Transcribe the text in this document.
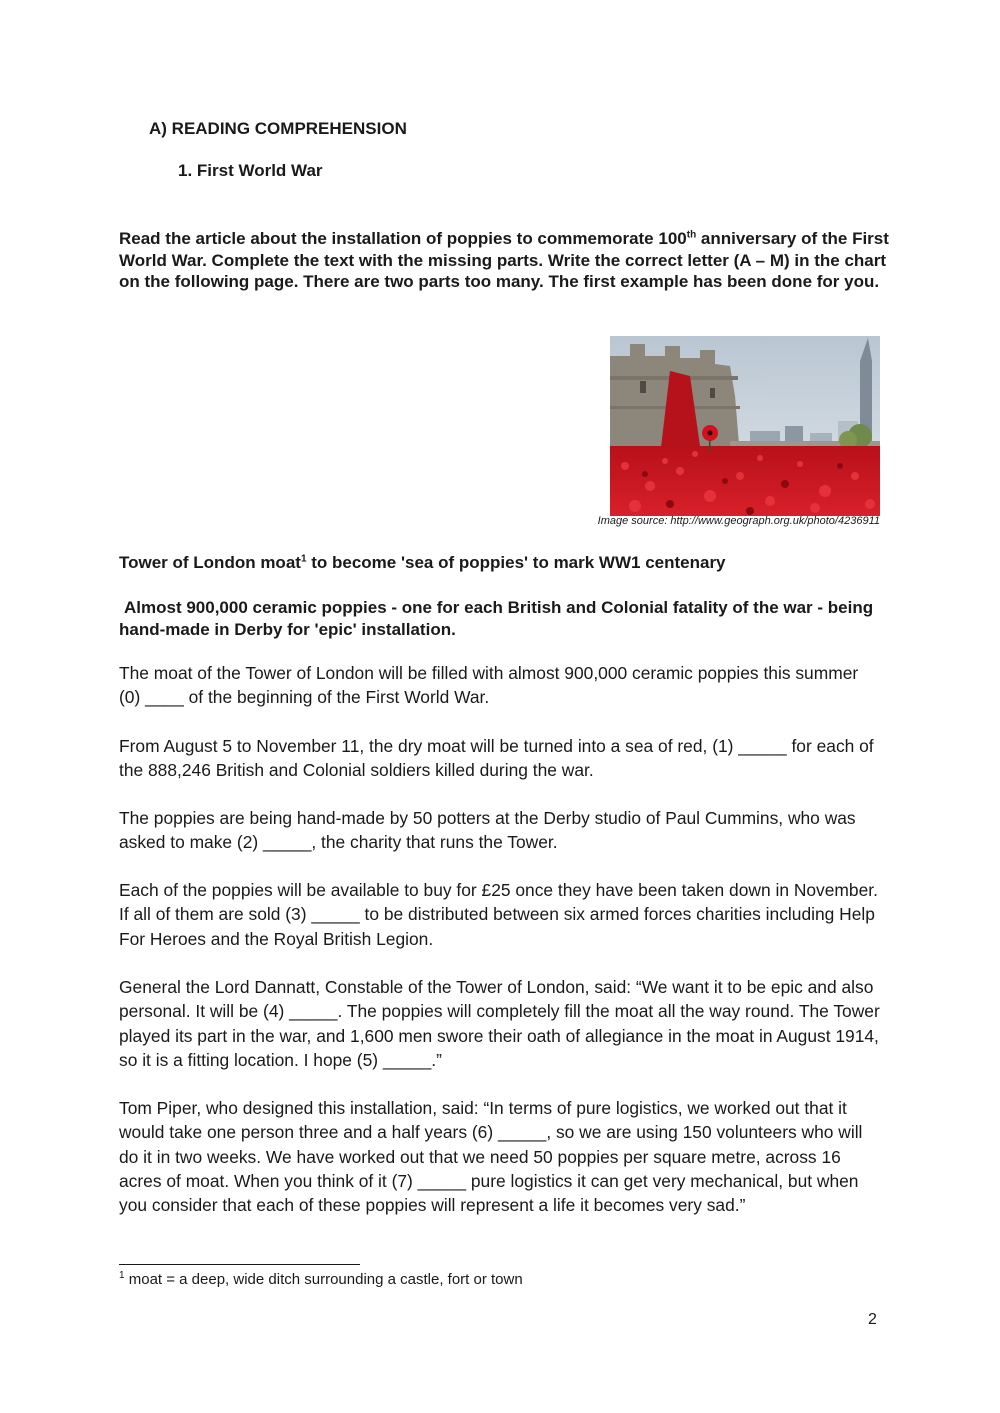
A) READING COMPREHENSION
1. First World War
Read the article about the installation of poppies to commemorate 100th anniversary of the First World War. Complete the text with the missing parts. Write the correct letter (A – M) in the chart on the following page. There are two parts too many. The first example has been done for you.
Image source: http://www.geograph.org.uk/photo/4236911
Tower of London moat$^1$ to become 'sea of poppies' to mark WW1 centenary
Almost 900,000 ceramic poppies - one for each British and Colonial fatality of the war - being hand-made in Derby for 'epic' installation.
The moat of the Tower of London will be filled with almost 900,000 ceramic poppies this summer (0) ____ of the beginning of the First World War.
From August 5 to November 11, the dry moat will be turned into a sea of red, (1) _____ for each of the 888,246 British and Colonial soldiers killed during the war.
The poppies are being hand-made by 50 potters at the Derby studio of Paul Cummins, who was asked to make (2) _____, the charity that runs the Tower.
Each of the poppies will be available to buy for £25 once they have been taken down in November. If all of them are sold (3) _____ to be distributed between six armed forces charities including Help For Heroes and the Royal British Legion.
General the Lord Dannatt, Constable of the Tower of London, said: “We want it to be epic and also personal. It will be (4) _____. The poppies will completely fill the moat all the way round. The Tower played its part in the war, and 1,600 men swore their oath of allegiance in the moat in August 1914, so it is a fitting location. I hope (5) _____.”
Tom Piper, who designed this installation, said: “In terms of pure logistics, we worked out that it would take one person three and a half years (6) _____, so we are using 150 volunteers who will do it in two weeks. We have worked out that we need 50 poppies per square metre, across 16 acres of moat. When you think of it (7) _____ pure logistics it can get very mechanical, but when you consider that each of these poppies will represent a life it becomes very sad.”
$^1$ moat = a deep, wide ditch surrounding a castle, fort or town
2
